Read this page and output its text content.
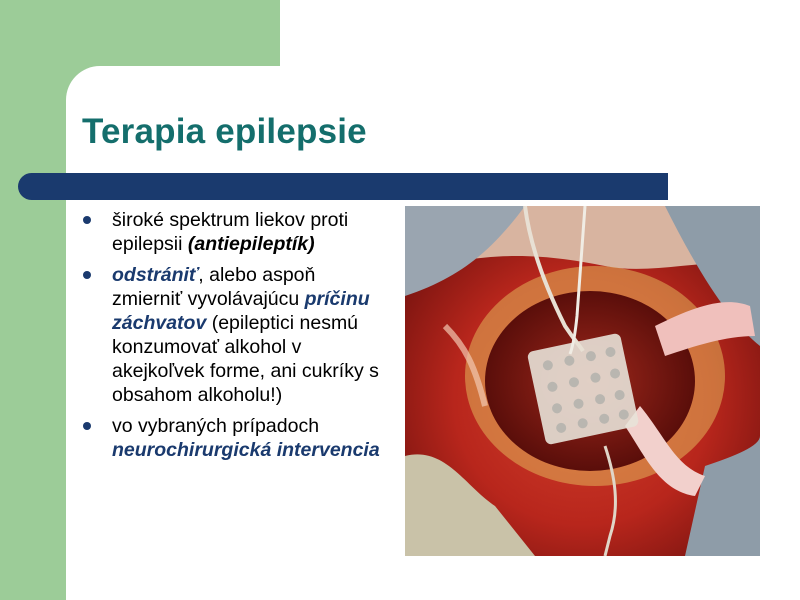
Terapia epilepsie
široké spektrum liekov proti epilepsii (antiepileptík)
odstrániť, alebo aspoň zmierniť vyvolávajúcu príčinu záchvatov (epileptici nesmú konzumovať alkohol v akejkoľvek forme, ani cukríky s obsahom alkoholu!)
vo vybraných prípadoch neurochirurgická intervencia
